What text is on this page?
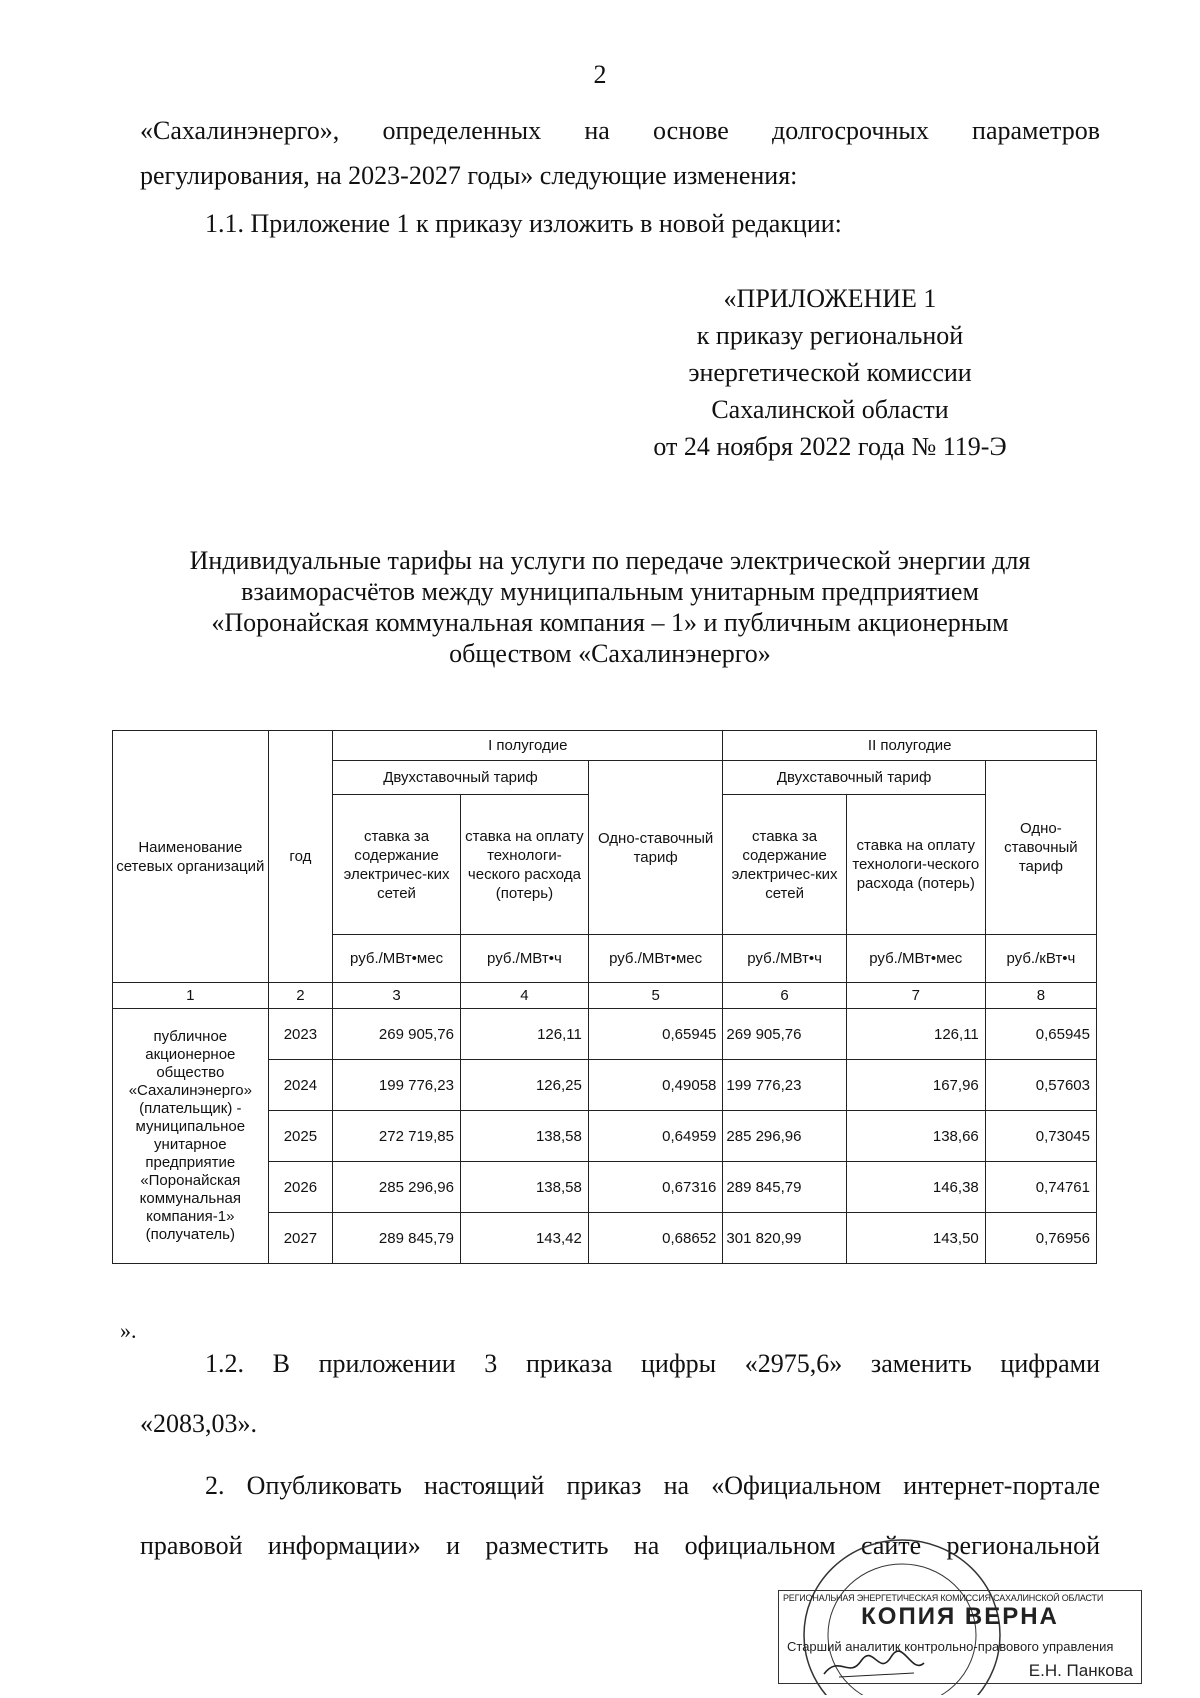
2
«Сахалинэнерго», определенных на основе долгосрочных параметров
регулирования, на 2023-2027 годы» следующие изменения:
1.1. Приложение 1 к приказу изложить в новой редакции:
«ПРИЛОЖЕНИЕ 1
к приказу региональной
энергетической комиссии
Сахалинской области
от 24 ноября 2022 года № 119-Э
Индивидуальные тарифы на услуги по передаче электрической энергии для
взаиморасчётов между муниципальным унитарным предприятием
«Поронайская коммунальная компания – 1» и публичным акционерным
обществом «Сахалинэнерго»
Наименование сетевых организаций	год	I полугодие			II полугодие		
		Двухставочный тариф		Одно-ставочный тариф	Двухставочный тариф		Одно-ставочный тариф
		ставка за содержание электричес-ких сетей	ставка на оплату технологи-ческого расхода (потерь)		ставка за содержание электричес-ких сетей	ставка на оплату технологи-ческого расхода (потерь)	
		руб./МВт•мес	руб./МВт•ч	руб./МВт•мес	руб./МВт•ч	руб./МВт•мес	руб./кВт•ч
1	2	3	4	5	6	7	8
публичное акционерное общество «Сахалинэнерго» (плательщик) - муниципальное унитарное предприятие «Поронайская коммунальная компания-1» (получатель)	2023	269 905,76	126,11	0,65945	269 905,76	126,11	0,65945
	2024	199 776,23	126,25	0,49058	199 776,23	167,96	0,57603
	2025	272 719,85	138,58	0,64959	285 296,96	138,66	0,73045
	2026	285 296,96	138,58	0,67316	289 845,79	146,38	0,74761
	2027	289 845,79	143,42	0,68652	301 820,99	143,50	0,76956
».
1.2. В приложении 3 приказа цифры «2975,6» заменить цифрами
«2083,03».
2. Опубликовать настоящий приказ на «Официальном интернет-портале
правовой информации» и разместить на официальном сайте региональной
РЕГИОНАЛЬНАЯ ЭНЕРГЕТИЧЕСКАЯ КОМИССИЯ САХАЛИНСКОЙ ОБЛАСТИ
КОПИЯ ВЕРНА
Старший аналитик контрольно-правового управления
Е.Н. Панкова
